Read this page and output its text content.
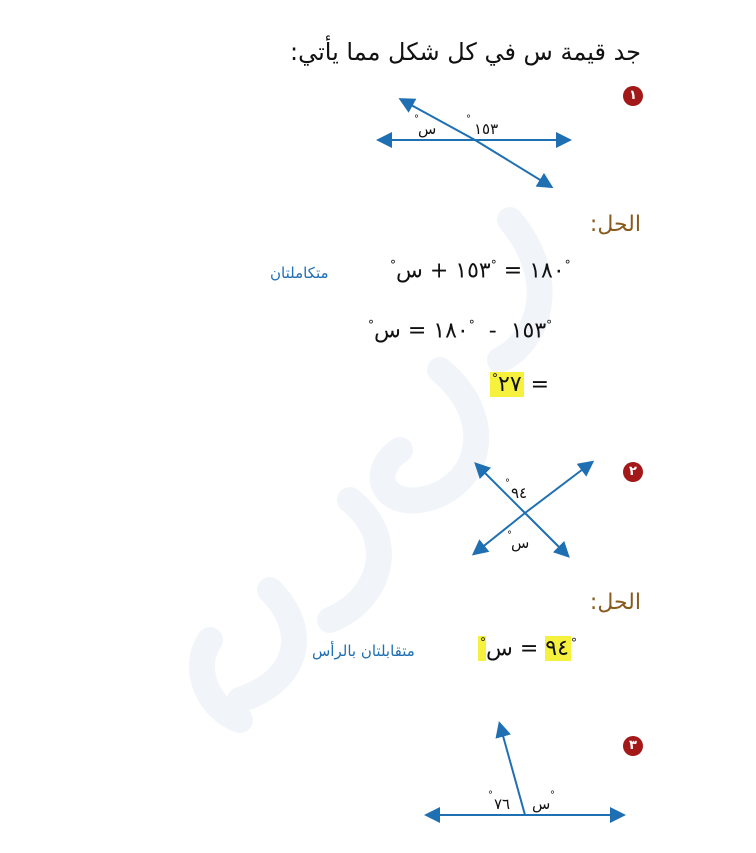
جد قيمة س في كل شكل مما يأتي:
١
س
°
١٥٣
°
الحل:
°	١٨٠ = °١٥٣ + س	°
متكاملتان
°	١٥٣  -  °١٨٠ = س	°
°٢٧ =
٢
٩٤
°
س
°
الحل:
°	٩٤ = س	°
متقابلتان بالرأس
٣
٧٦
°	س °
